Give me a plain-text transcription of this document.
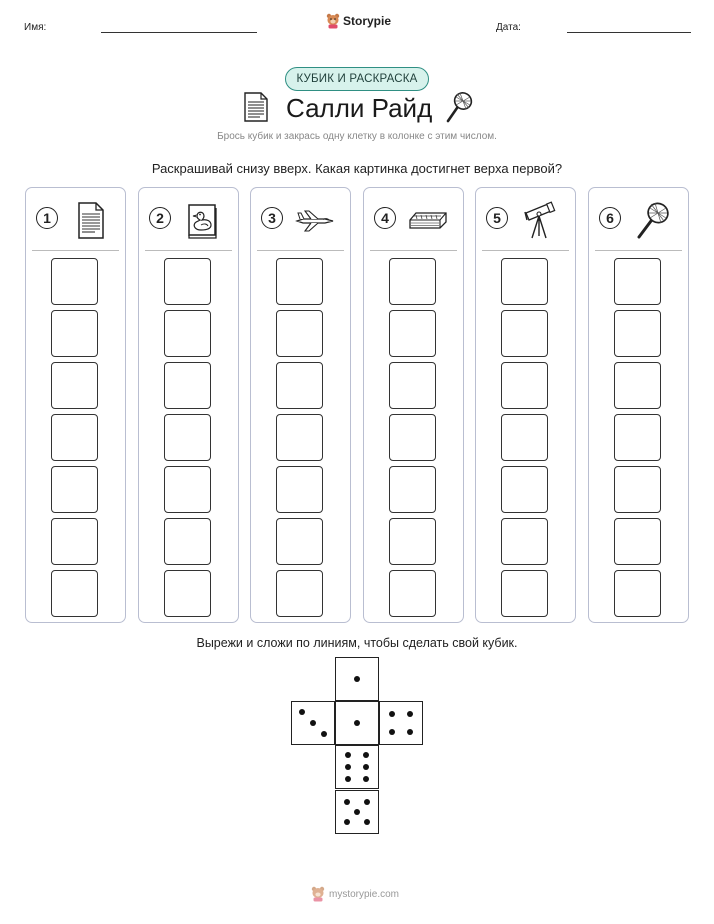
Имя:	Storypie	Дата:
КУБИК И РАСКРАСКА
Салли Райд
Брось кубик и закрась одну клетку в колонке с этим числом.
Раскрашивай снизу вверх. Какая картинка достигнет верха первой?
1	2	3	4	5	6
Вырежи и сложи по линиям, чтобы сделать свой кубик.
mystorypie.com
